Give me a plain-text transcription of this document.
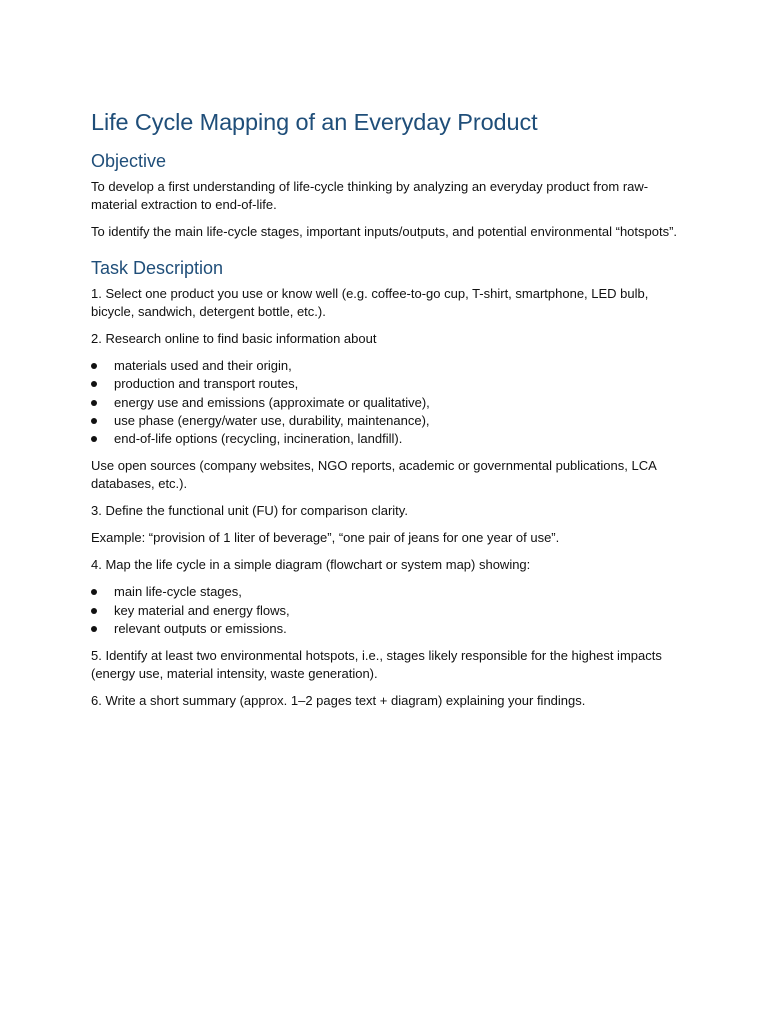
Life Cycle Mapping of an Everyday Product
Objective

To develop a first understanding of life-cycle thinking by analyzing an everyday product from raw-material extraction to end-of-life.

To identify the main life-cycle stages, important inputs/outputs, and potential environmental “hotspots”.

Task Description

1. Select one product you use or know well (e.g. coffee-to-go cup, T-shirt, smartphone, LED bulb, bicycle, sandwich, detergent bottle, etc.).

2. Research online to find basic information about

materials used and their origin,
production and transport routes,
energy use and emissions (approximate or qualitative),
use phase (energy/water use, durability, maintenance),
end-of-life options (recycling, incineration, landfill).

Use open sources (company websites, NGO reports, academic or governmental publications, LCA databases, etc.).

3. Define the functional unit (FU) for comparison clarity.

Example: “provision of 1 liter of beverage”, “one pair of jeans for one year of use”.

4. Map the life cycle in a simple diagram (flowchart or system map) showing:

main life-cycle stages,
key material and energy flows,
relevant outputs or emissions.

5. Identify at least two environmental hotspots, i.e., stages likely responsible for the highest impacts (energy use, material intensity, waste generation).

6. Write a short summary (approx. 1–2 pages text + diagram) explaining your findings.
